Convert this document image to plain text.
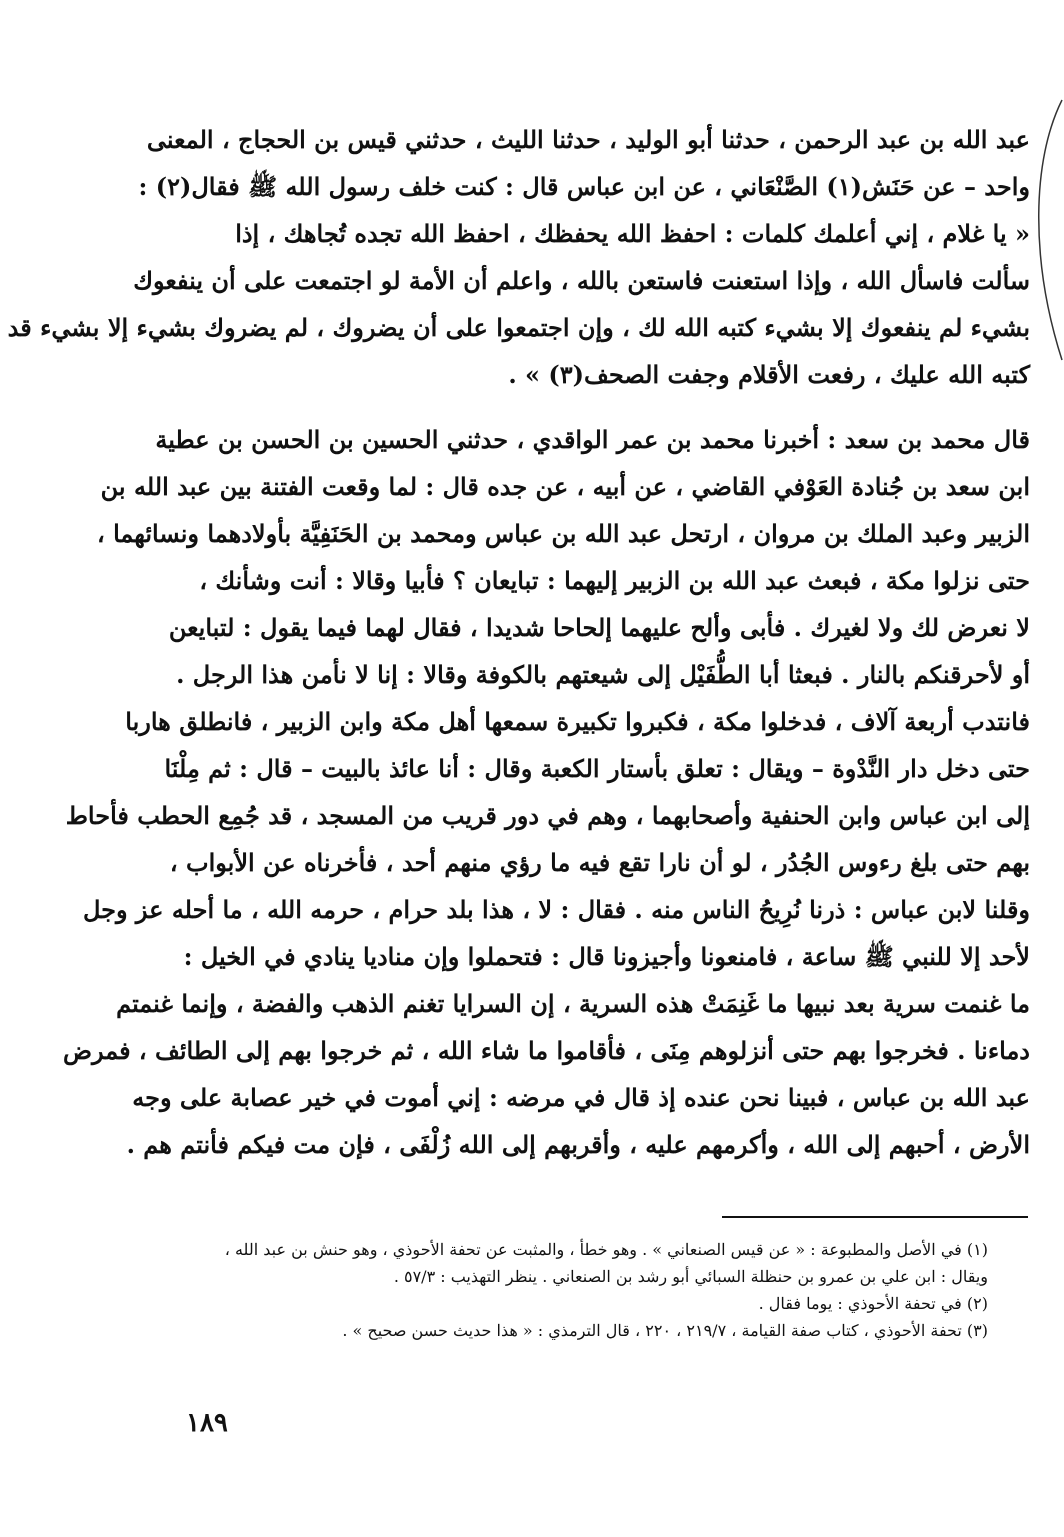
عبد الله بن عبد الرحمن ، حدثنا أبو الوليد ، حدثنا الليث ، حدثني قيس بن الحجاج ، المعنى
واحد – عن حَنَش(١) الصَّنْعَاني ، عن ابن عباس قال : كنت خلف رسول الله ﷺ فقال(٢) :
« يا غلام ، إني أعلمك كلمات : احفظ الله يحفظك ، احفظ الله تجده تُجاهك ، إذا
سألت فاسأل الله ، وإذا استعنت فاستعن بالله ، واعلم أن الأمة لو اجتمعت على أن ينفعوك
بشيء لم ينفعوك إلا بشيء كتبه الله لك ، وإن اجتمعوا على أن يضروك ، لم يضروك بشيء إلا بشيء قد
كتبه الله عليك ، رفعت الأقلام وجفت الصحف(٣) » .
قال محمد بن سعد : أخبرنا محمد بن عمر الواقدي ، حدثني الحسين بن الحسن بن عطية
ابن سعد بن جُنادة العَوْفي القاضي ، عن أبيه ، عن جده قال : لما وقعت الفتنة بين عبد الله بن
الزبير وعبد الملك بن مروان ، ارتحل عبد الله بن عباس ومحمد بن الحَنَفِيَّة بأولادهما ونسائهما ،
حتى نزلوا مكة ، فبعث عبد الله بن الزبير إليهما : تبايعان ؟ فأبيا وقالا : أنت وشأنك ،
لا نعرض لك ولا لغيرك . فأبى وألح عليهما إلحاحا شديدا ، فقال لهما فيما يقول : لتبايعن
أو لأحرقنكم بالنار . فبعثا أبا الطُّفَيْل إلى شيعتهم بالكوفة وقالا : إنا لا نأمن هذا الرجل .
فانتدب أربعة آلاف ، فدخلوا مكة ، فكبروا تكبيرة سمعها أهل مكة وابن الزبير ، فانطلق هاربا
حتى دخل دار النَّدْوة – ويقال : تعلق بأستار الكعبة وقال : أنا عائذ بالبيت – قال : ثم مِلْنَا
إلى ابن عباس وابن الحنفية وأصحابهما ، وهم في دور قريب من المسجد ، قد جُمِع الحطب فأحاط
بهم حتى بلغ رءوس الجُدُر ، لو أن نارا تقع فيه ما رؤي منهم أحد ، فأخرناه عن الأبواب ،
وقلنا لابن عباس : ذرنا نُرِيحُ الناس منه . فقال : لا ، هذا بلد حرام ، حرمه الله ، ما أحله عز وجل
لأحد إلا للنبي ﷺ ساعة ، فامنعونا وأجيزونا قال : فتحملوا وإن مناديا ينادي في الخيل :
ما غنمت سرية بعد نبيها ما غَنِمَتْ هذه السرية ، إن السرايا تغنم الذهب والفضة ، وإنما غنمتم
دماءنا . فخرجوا بهم حتى أنزلوهم مِنَى ، فأقاموا ما شاء الله ، ثم خرجوا بهم إلى الطائف ، فمرض
عبد الله بن عباس ، فبينا نحن عنده إذ قال في مرضه : إني أموت في خير عصابة على وجه
الأرض ، أحبهم إلى الله ، وأكرمهم عليه ، وأقربهم إلى الله زُلْفَى ، فإن مت فيكم فأنتم هم .
(١) في الأصل والمطبوعة : « عن قيس الصنعاني » . وهو خطأ ، والمثبت عن تحفة الأحوذي ، وهو حنش بن عبد الله ،
ويقال : ابن علي بن عمرو بن حنظلة السبائي أبو رشد بن الصنعاني . ينظر التهذيب : ٥٧/٣ .
(٢) في تحفة الأحوذي : يوما فقال .
(٣) تحفة الأحوذي ، كتاب صفة القيامة ، ٢١٩/٧ ، ٢٢٠ ، قال الترمذي : « هذا حديث حسن صحيح » .
١٨٩
